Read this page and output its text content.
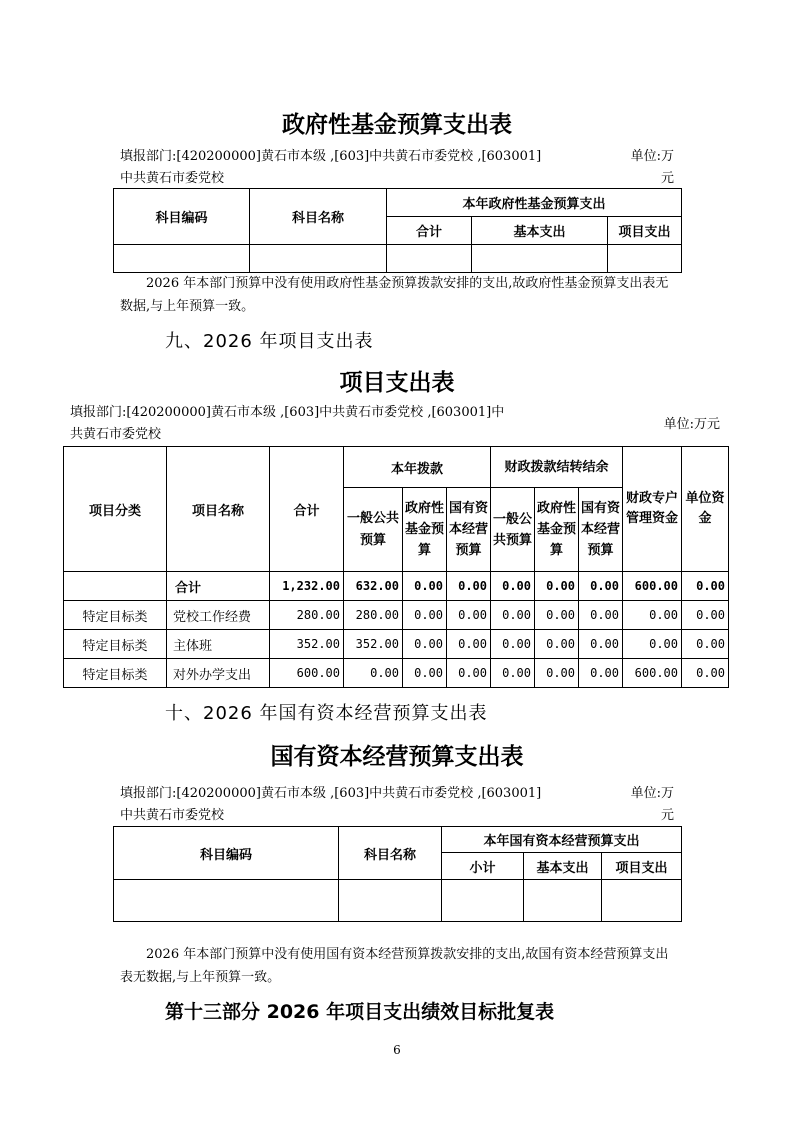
政府性基金预算支出表
填报部门:[420200000]黄石市本级 ,[603]中共黄石市委党校 ,[603001]
中共黄石市委党校
单位:万
元
科目编码	科目名称	本年政府性基金预算支出		
		合计	基本支出	项目支出

2026 年本部门预算中没有使用政府性基金预算拨款安排的支出,故政府性基金预算支出表无数据,与上年预算一致。
九、2026 年项目支出表
项目支出表
填报部门:[420200000]黄石市本级 ,[603]中共黄石市委党校 ,[603001]中
共黄石市委党校
单位:万元
项目分类	项目名称	合计	本年拨款			财政拨款结转结余			财政专户管理资金	单位资金
			一般公共预算	政府性基金预算	国有资本经营预算	一般公共预算	政府性基金预算	国有资本经营预算		
	合计	1,232.00	632.00	0.00	0.00	0.00	0.00	0.00	600.00	0.00
特定目标类	党校工作经费	280.00	280.00	0.00	0.00	0.00	0.00	0.00	0.00	0.00
特定目标类	主体班	352.00	352.00	0.00	0.00	0.00	0.00	0.00	0.00	0.00
特定目标类	对外办学支出	600.00	0.00	0.00	0.00	0.00	0.00	0.00	600.00	0.00
十、2026 年国有资本经营预算支出表
国有资本经营预算支出表
填报部门:[420200000]黄石市本级 ,[603]中共黄石市委党校 ,[603001]
中共黄石市委党校
单位:万
元
科目编码	科目名称	本年国有资本经营预算支出		
		小计	基本支出	项目支出

2026 年本部门预算中没有使用国有资本经营预算拨款安排的支出,故国有资本经营预算支出表无数据,与上年预算一致。
第十三部分 2026 年项目支出绩效目标批复表
6
